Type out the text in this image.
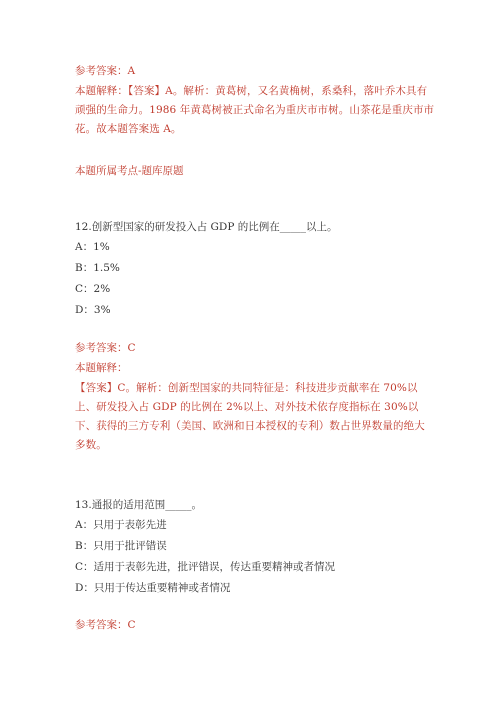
参考答案：A
本题解释：【答案】A。解析：黄葛树，又名黄桷树，系桑科，落叶乔木具有顽强的生命力。1986 年黄葛树被正式命名为重庆市市树。山茶花是重庆市市花。故本题答案选 A。
本题所属考点-题库原题
12.创新型国家的研发投入占 GDP 的比例在_____以上。
A：1%
B：1.5%
C：2%
D：3%
参考答案：C
本题解释：
【答案】C。解析：创新型国家的共同特征是：科技进步贡献率在 70%以上、研发投入占 GDP 的比例在 2%以上、对外技术依存度指标在 30%以下、获得的三方专利（美国、欧洲和日本授权的专利）数占世界数量的绝大多数。
13.通报的适用范围_____。
A：只用于表彰先进
B：只用于批评错误
C：适用于表彰先进，批评错误，传达重要精神或者情况
D：只用于传达重要精神或者情况
参考答案：C
